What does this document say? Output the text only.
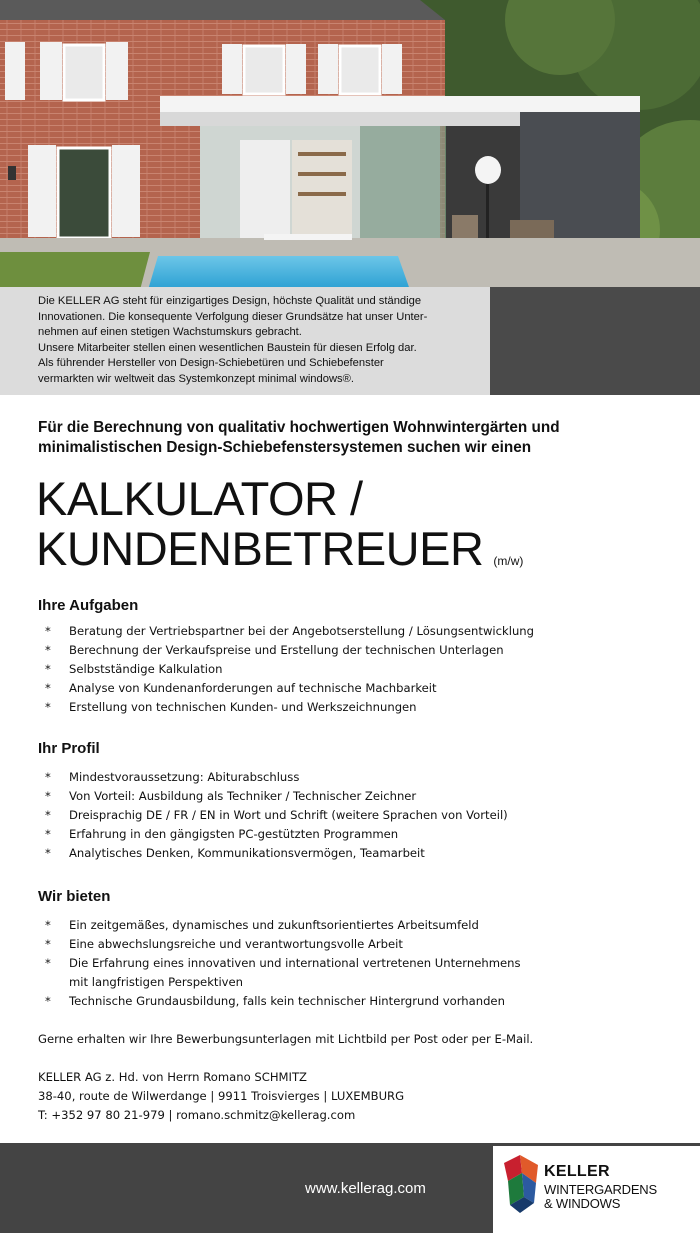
Die KELLER AG steht für einzigartiges Design, höchste Qualität und ständige
Innovationen. Die konsequente Verfolgung dieser Grundsätze hat unser Unter-
nehmen auf einen stetigen Wachstumskurs gebracht.
Unsere Mitarbeiter stellen einen wesentlichen Baustein für diesen Erfolg dar.
Als führender Hersteller von Design-Schiebetüren und Schiebefenster
vermarkten wir weltweit das Systemkonzept minimal windows®.

Für die Berechnung von qualitativ hochwertigen Wohnwintergärten und
minimalistischen Design-Schiebefenstersystemen suchen wir einen
KALKULATOR /
KUNDENBETREUER (m/w)
Ihre Aufgaben
* Beratung der Vertriebspartner bei der Angebotserstellung / Lösungsentwicklung
* Berechnung der Verkaufspreise und Erstellung der technischen Unterlagen
* Selbstständige Kalkulation
* Analyse von Kundenanforderungen auf technische Machbarkeit
* Erstellung von technischen Kunden- und Werkszeichnungen
Ihr Profil
* Mindestvoraussetzung: Abiturabschluss
* Von Vorteil: Ausbildung als Techniker / Technischer Zeichner
* Dreisprachig DE / FR / EN in Wort und Schrift (weitere Sprachen von Vorteil)
* Erfahrung in den gängigsten PC-gestützten Programmen
* Analytisches Denken, Kommunikationsvermögen, Teamarbeit
Wir bieten
* Ein zeitgemäßes, dynamisches und zukunftsorientiertes Arbeitsumfeld
* Eine abwechslungsreiche und verantwortungsvolle Arbeit
* Die Erfahrung eines innovativen und international vertretenen Unternehmens
mit langfristigen Perspektiven
* Technische Grundausbildung, falls kein technischer Hintergrund vorhanden
Gerne erhalten wir Ihre Bewerbungsunterlagen mit Lichtbild per Post oder per E-Mail.
KELLER AG z. Hd. von Herrn Romano SCHMITZ
38-40, route de Wilwerdange | 9911 Troisvierges | LUXEMBURG
T: +352 97 80 21-979 | romano.schmitz@kellerag.com
www.kellerag.com
KELLER
WINTERGARDENS
& WINDOWS
